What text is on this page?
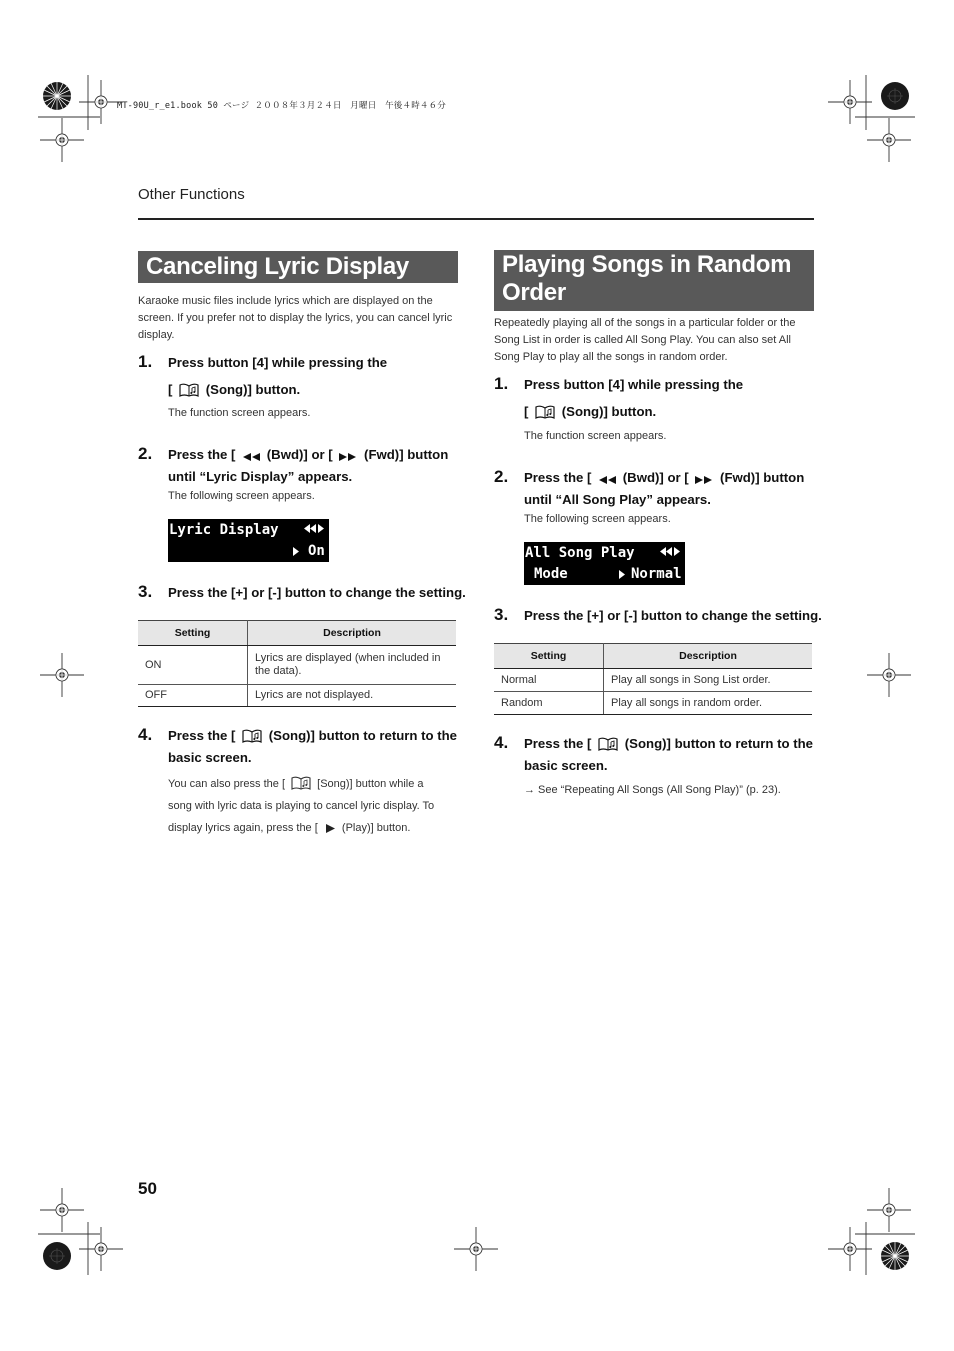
MT-90U_r_e1.book 50 ページ ２００８年３月２４日　月曜日　午後４時４６分
Other Functions
Canceling Lyric Display
Karaoke music files include lyrics which are displayed on the screen. If you prefer not to display the lyrics, you can cancel lyric display.
1. Press button [4] while pressing the
[	(Song)] button.
The function screen appears.
2. Press the [ (Bwd)] or [ (Fwd)] button
until “Lyric Display” appears.
The following screen appears.
Lyric Display
On
3. Press the [+] or [-] button to change the setting.
Setting	Description
ON	Lyrics are displayed (when included in the data).
OFF	Lyrics are not displayed.
4. Press the [	(Song)] button to return to the
basic screen.
You can also press the [	[Song)] button while a
song with lyric data is playing to cancel lyric display. To
display lyrics again, press the [ (Play)] button.
Playing Songs in Random
Order
Repeatedly playing all of the songs in a particular folder or the Song List in order is called All Song Play. You can also set All Song Play to play all the songs in random order.
1. Press button [4] while pressing the
[	(Song)] button.
The function screen appears.
2. Press the [ (Bwd)] or [ (Fwd)] button
until “All Song Play” appears.
The following screen appears.
All Song Play
Mode	Normal
3. Press the [+] or [-] button to change the setting.
Setting	Description
Normal	Play all songs in Song List order.
Random	Play all songs in random order.
4. Press the [	(Song)] button to return to the
basic screen.
→ See “Repeating All Songs (All Song Play)” (p. 23).
50
